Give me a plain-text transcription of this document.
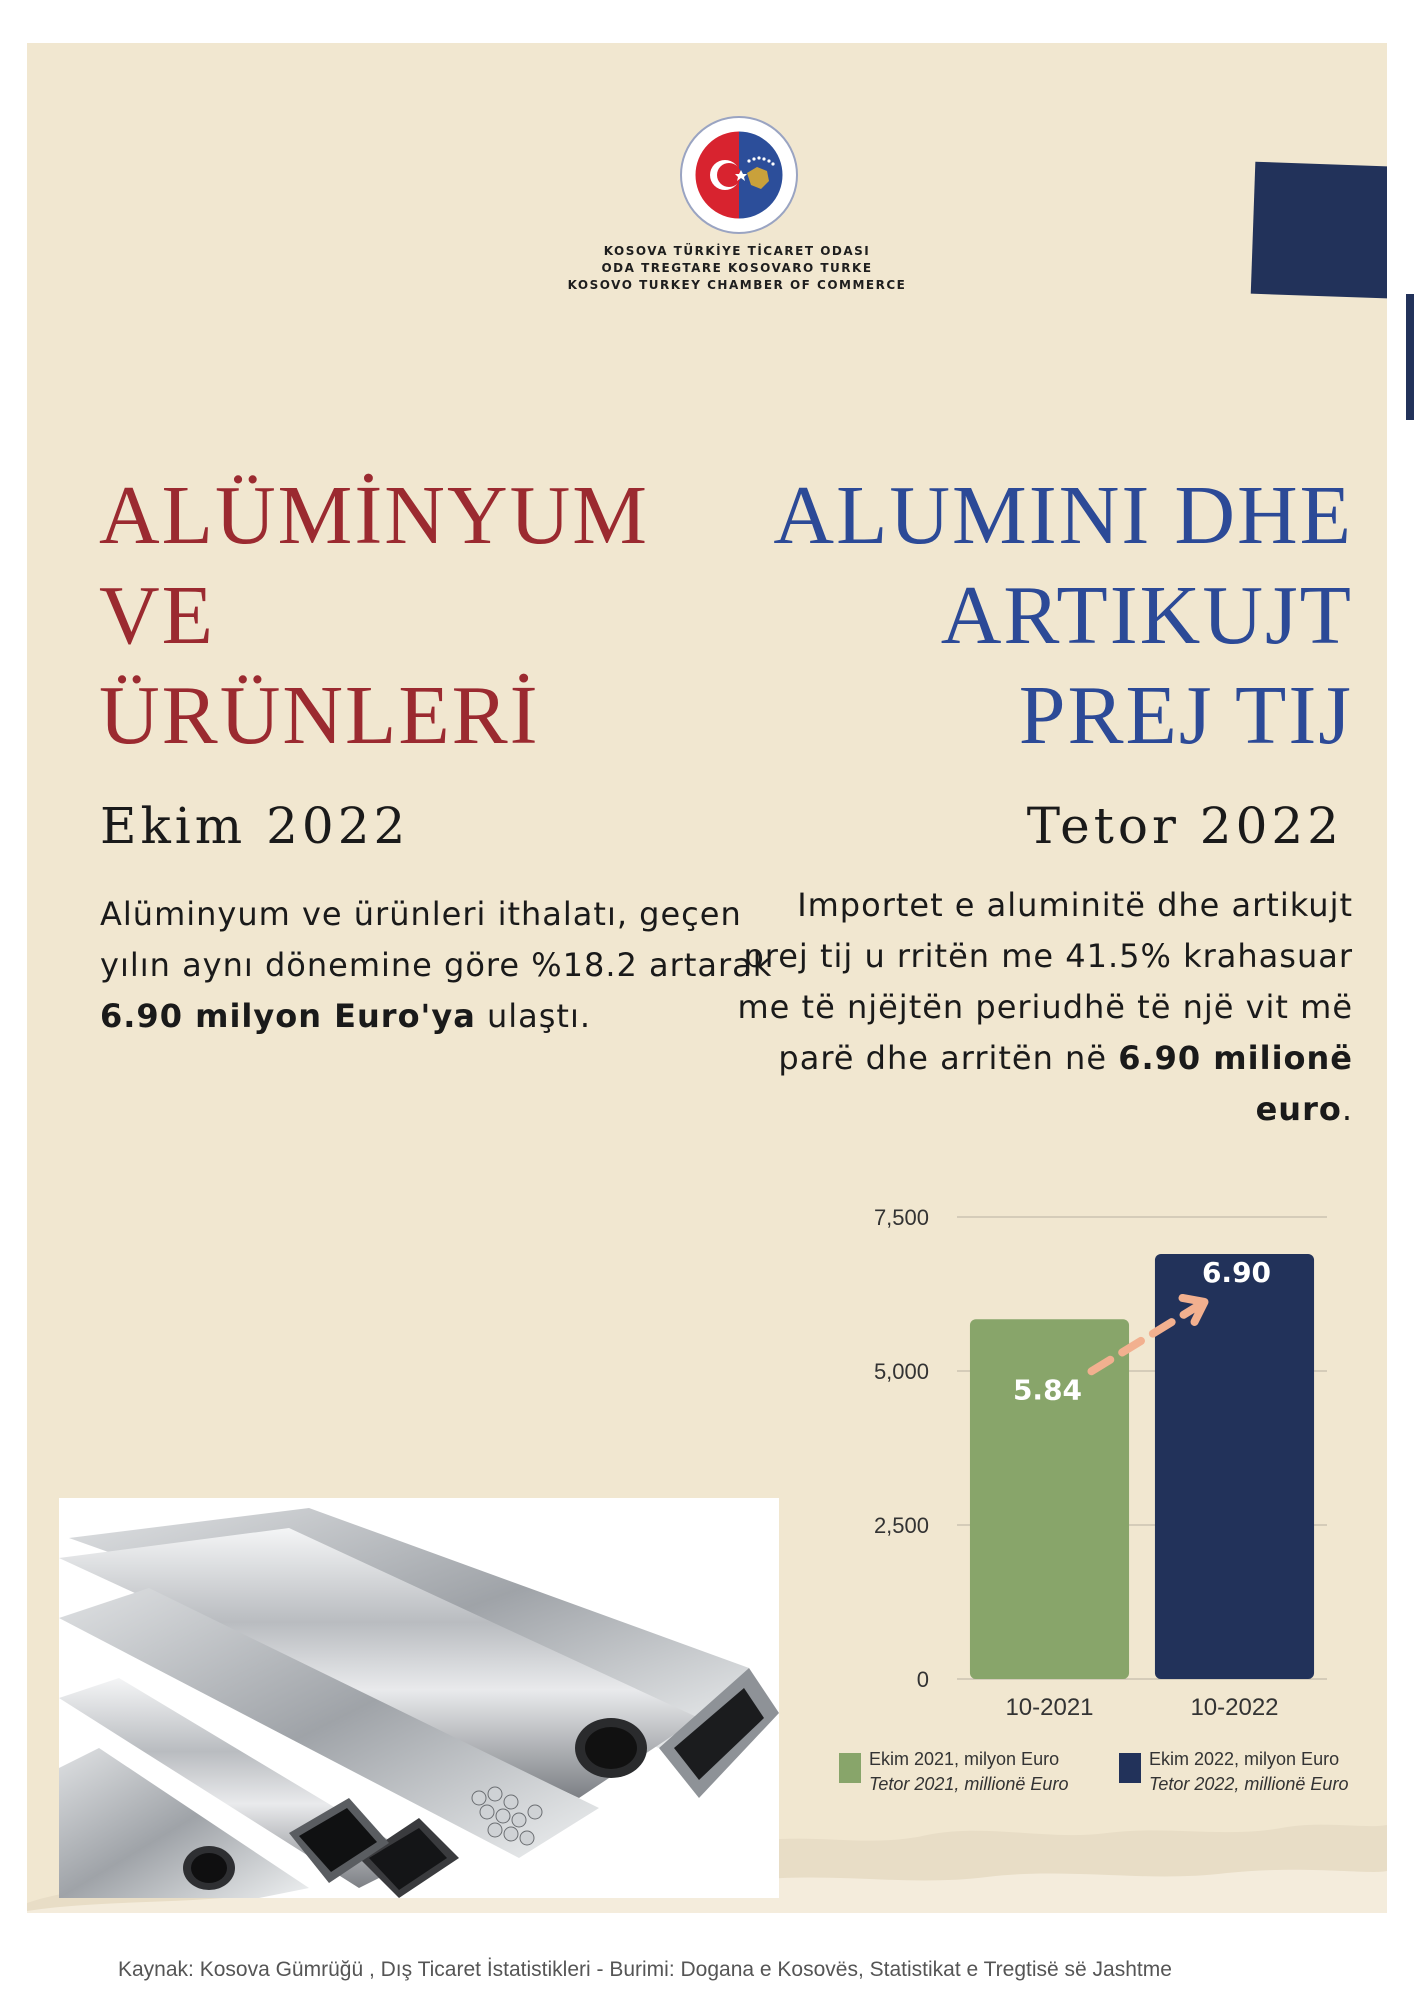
KOSOVA TÜRKİYE TİCARET ODASI
ODA TREGTARE KOSOVARO TURKE
KOSOVO TURKEY CHAMBER OF COMMERCE
ALÜMİNYUM
VE
ÜRÜNLERİ
ALUMINI DHE
ARTIKUJT
PREJ TIJ
Ekim 2022	Tetor 2022
Alüminyum ve ürünleri ithalatı, geçen yılın aynı dönemine göre %18.2 artarak 6.90 milyon Euro'ya ulaştı.
Importet e aluminitë dhe artikujt prej tij u rritën me 41.5% krahasuar me të njëjtën periudhë të një vit më parë dhe arritën në 6.90 milionë euro.
0
2,500
5,000
7,500
10-2021	10-2022
5.84
6.90
Ekim 2021, milyon Euro
Tetor 2021, millionë Euro
Ekim 2022, milyon Euro
Tetor 2022, millionë Euro
Kaynak: Kosova Gümrüğü , Dış Ticaret İstatistikleri - Burimi: Dogana e Kosovës, Statistikat e Tregtisë së Jashtme
